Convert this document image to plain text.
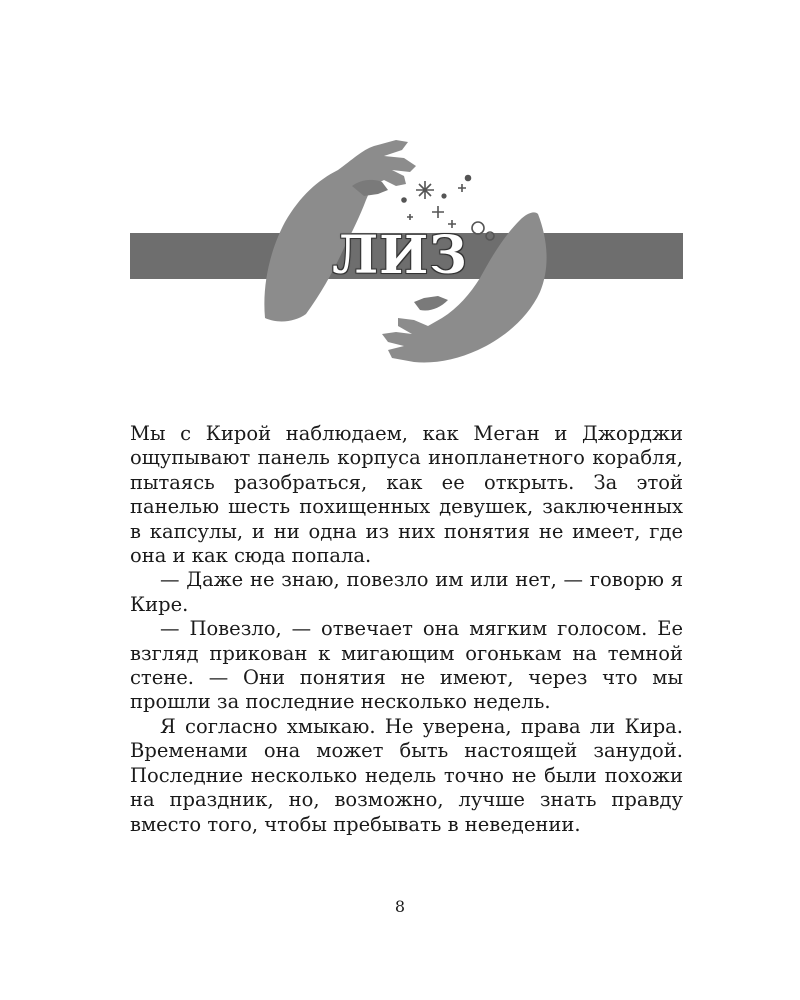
ЛИЗ

Мы с Кирой наблюдаем, как Меган и Джорджи ощупывают панель корпуса инопланетного корабля, пытаясь разобраться, как ее открыть. За этой панелью шесть похищенных девушек, заключенных в капсулы, и ни одна из них понятия не имеет, где она и как сюда попала.

— Даже не знаю, повезло им или нет, — говорю я Кире.

— Повезло, — отвечает она мягким голосом. Ее взгляд прикован к мигающим огонькам на темной стене. — Они понятия не имеют, через что мы прошли за последние несколько недель.

Я согласно хмыкаю. Не уверена, права ли Кира. Временами она может быть настоящей занудой. Последние несколько недель точно не были похожи на праздник, но, возможно, лучше знать правду вместо того, чтобы пребывать в неведении.

8
